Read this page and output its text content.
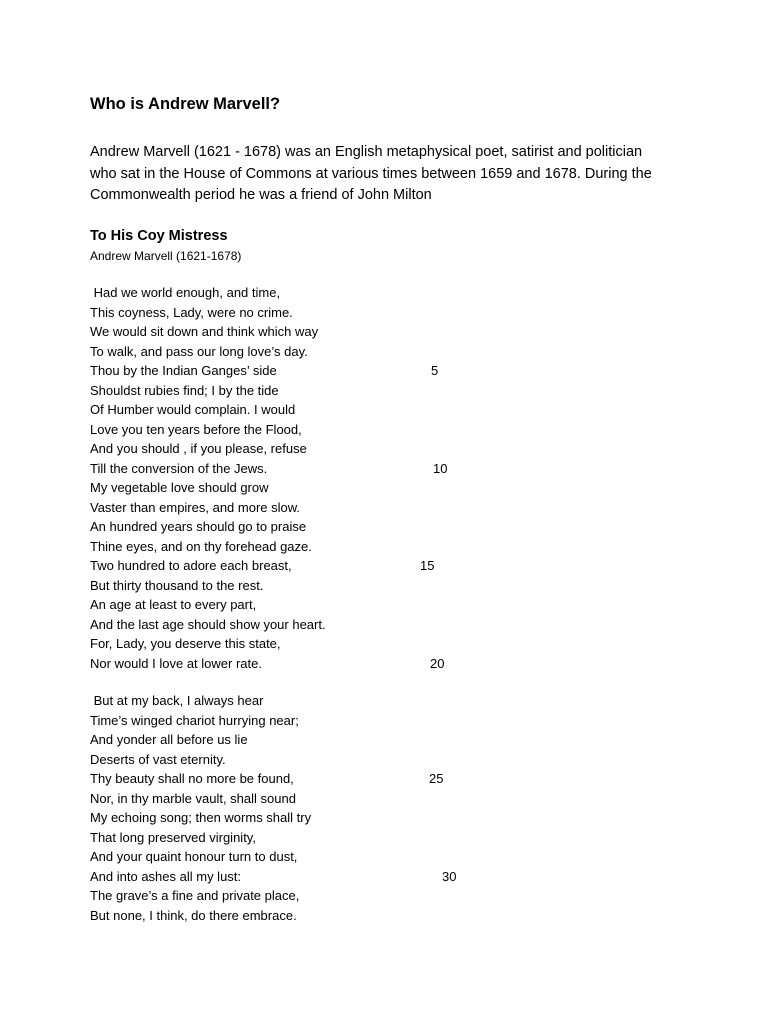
Who is Andrew Marvell?

Andrew Marvell (1621 - 1678) was an English metaphysical poet, satirist and politician
who sat in the House of Commons at various times between 1659 and 1678. During the
Commonwealth period he was a friend of John Milton

To His Coy Mistress
Andrew Marvell (1621-1678)
Had we world enough, and time,
This coyness, Lady, were no crime.
We would sit down and think which way
To walk, and pass our long love’s day.
Thou by the Indian Ganges’ side	5
Shouldst rubies find; I by the tide
Of Humber would complain. I would
Love you ten years before the Flood,
And you should , if you please, refuse
Till the conversion of the Jews.	10
My vegetable love should grow
Vaster than empires, and more slow.
An hundred years should go to praise
Thine eyes, and on thy forehead gaze.
Two hundred to adore each breast,	15
But thirty thousand to the rest.
An age at least to every part,
And the last age should show your heart.
For, Lady, you deserve this state,
Nor would I love at lower rate.	20
But at my back, I always hear
Time’s winged chariot hurrying near;
And yonder all before us lie
Deserts of vast eternity.
Thy beauty shall no more be found,	25
Nor, in thy marble vault, shall sound
My echoing song; then worms shall try
That long preserved virginity,
And your quaint honour turn to dust,
And into ashes all my lust:	30
The grave’s a fine and private place,
But none, I think, do there embrace.
